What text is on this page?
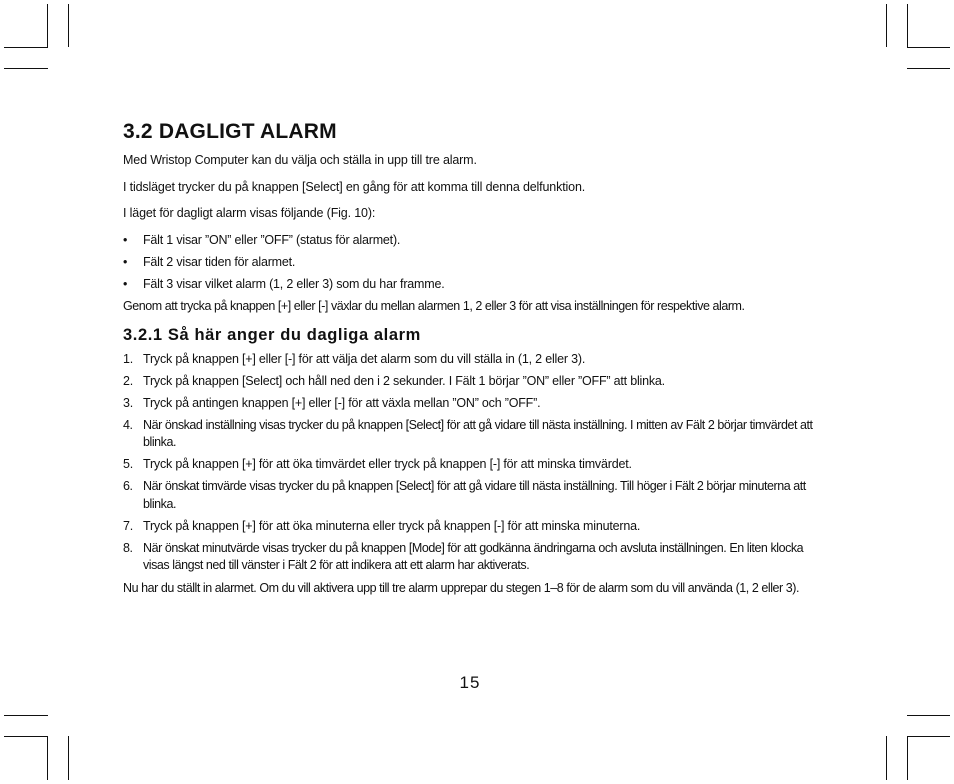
3.2 DAGLIGT ALARM

Med Wristop Computer kan du välja och ställa in upp till tre alarm.

I tidsläget trycker du på knappen [Select] en gång för att komma till denna delfunktion.

I läget för dagligt alarm visas följande (Fig. 10):

• Fält 1 visar ”ON” eller ”OFF” (status för alarmet).
• Fält 2 visar tiden för alarmet.
• Fält 3 visar vilket alarm (1, 2 eller 3) som du har framme.

Genom att trycka på knappen [+] eller [-] växlar du mellan alarmen 1, 2 eller 3 för att visa inställningen för respektive alarm.

3.2.1 Så här anger du dagliga alarm
1. Tryck på knappen [+] eller [-] för att välja det alarm som du vill ställa in (1, 2 eller 3).
2. Tryck på knappen [Select] och håll ned den i 2 sekunder. I Fält 1 börjar ”ON” eller ”OFF” att blinka.
3. Tryck på antingen knappen [+] eller [-] för att växla mellan ”ON” och ”OFF”.
4. När önskad inställning visas trycker du på knappen [Select] för att gå vidare till nästa inställning. I mitten av Fält 2 börjar timvärdet att blinka.
5. Tryck på knappen [+] för att öka timvärdet eller tryck på knappen [-] för att minska timvärdet.
6. När önskat timvärde visas trycker du på knappen [Select] för att gå vidare till nästa inställning. Till höger i Fält 2 börjar minuterna att blinka.
7. Tryck på knappen [+] för att öka minuterna eller tryck på knappen [-] för att minska minuterna.
8. När önskat minutvärde visas trycker du på knappen [Mode] för att godkänna ändringarna och avsluta inställningen. En liten klocka visas längst ned till vänster i Fält 2 för att indikera att ett alarm har aktiverats.

Nu har du ställt in alarmet. Om du vill aktivera upp till tre alarm upprepar du stegen 1–8 för de alarm som du vill använda (1, 2 eller 3).

15
